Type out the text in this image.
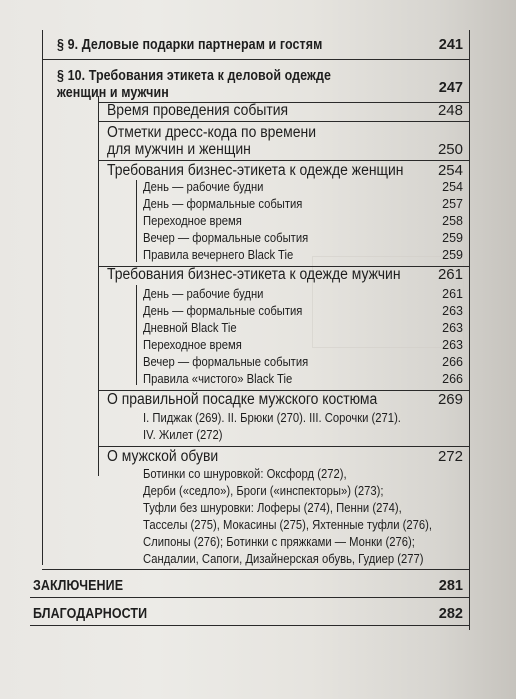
§ 9. Деловые подарки партнерам и гостям	241
§ 10. Требования этикета к деловой одежде
женщин и мужчин	247
Время проведения события	248
Отметки дресс-кода по времени
для мужчин и женщин	250
Требования бизнес-этикета к одежде женщин 254
День — рабочие будни	254
День — формальные события	257
Переходное время	258
Вечер — формальные события	259
Правила вечернего Black Tie	259
Требования бизнес-этикета к одежде мужчин 261
День — рабочие будни	261
День — формальные события	263
Дневной Black Tie	263
Переходное время	263
Вечер — формальные события	266
Правила «чистого» Black Tie	266
О правильной посадке мужского костюма	269
I. Пиджак (269). II. Брюки (270). III. Сорочки (271).
IV. Жилет (272)
О мужской обуви	272
Ботинки со шнуровкой: Оксфорд (272),
Дерби («седло»), Броги («инспекторы») (273);
Туфли без шнуровки: Лоферы (274), Пенни (274),
Тасселы (275), Мокасины (275), Яхтенные туфли (276),
Слипоны (276); Ботинки с пряжками — Монки (276);
Сандалии, Сапоги, Дизайнерская обувь, Гудиер (277)
ЗАКЛЮЧЕНИЕ	281
БЛАГОДАРНОСТИ	282
